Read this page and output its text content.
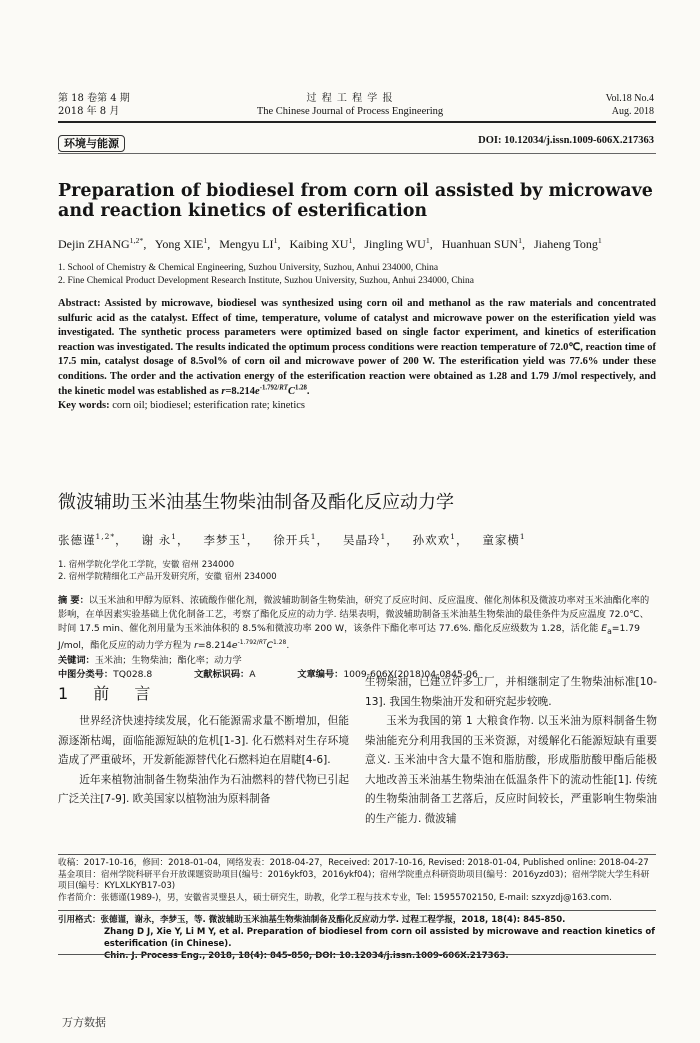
第 18 卷第 4 期
2018 年 8 月
过 程 工 程 学 报
The Chinese Journal of Process Engineering
Vol.18 No.4
Aug. 2018
环境与能源	DOI: 10.12034/j.issn.1009-606X.217363
Preparation of biodiesel from corn oil assisted by microwave and reaction kinetics of esterification
Dejin $ZHANG^{1,2*}$,   Yong XIE$^1$,   Mengyu $LI^1$,   Kaibing $XU^1$,   Jingling $WU^1$,   Huanhuan SUN$^1$,   Jiaheng Tong$^1$
1. School of Chemistry & Chemical Engineering, Suzhou University, Suzhou, Anhui 234000, China
2. Fine Chemical Product Development Research Institute, Suzhou University, Suzhou, Anhui 234000, China
Abstract: Assisted by microwave, biodiesel was synthesized using corn oil and methanol as the raw materials and concentrated sulfuric acid as the catalyst. Effect of time, temperature, volume of catalyst and microwave power on the esterification yield was investigated. The synthetic process parameters were optimized based on single factor experiment, and kinetics of esterification reaction was investigated. The results indicated the optimum process conditions were reaction temperature of 72.0℃, reaction time of 17.5 min, catalyst dosage of 8.5vol% of corn oil and microwave power of 200 W. The esterification yield was 77.6% under these conditions. The order and the activation energy of the esterification reaction were obtained as 1.28 and 1.79 J/mol respectively, and the kinetic model was established as $r=8.214e^{-1.792/RT}C^{1.28}$.
Key words: corn oil; biodiesel; esterification rate; kinetics
微波辅助玉米油基生物柴油制备及酯化反应动力学
张德谨$^{1,2*}$，   谢 永$^1$，   李梦玉$^1$，   徐开兵$^1$，   吴晶玲$^1$，   孙欢欢$^1$，   童家横$^1$
1. 宿州学院化学化工学院，安徽 宿州 234000
2. 宿州学院精细化工产品开发研究所，安徽 宿州 234000
摘 要：以玉米油和甲醇为原料、浓硫酸作催化剂，微波辅助制备生物柴油，研究了反应时间、反应温度、催化剂体积及微波功率对玉米油酯化率的影响，在单因素实验基础上优化制备工艺，考察了酯化反应的动力学. 结果表明，微波辅助制备玉米油基生物柴油的最佳条件为反应温度 72.0℃、时间 17.5 min、催化剂用量为玉米油体积的 8.5%和微波功率 200 W，该条件下酯化率可达 77.6%. 酯化反应级数为 1.28，活化能 $E_a=1.79$ J/mol，酯化反应的动力学方程为 $r=8.214e^{-1.792/RT}C^{1.28}$.
关键词：玉米油；生物柴油；酯化率；动力学
中图分类号：TQ028.8	文献标识码：A	文章编号：1009-606X(2018)04-0845-06
1 前 言

世界经济快速持续发展，化石能源需求量不断增加，但能源逐渐枯竭，面临能源短缺的危机[1-3]. 化石燃料对生存环境造成了严重破坏，开发新能源替代化石燃料迫在眉睫[4-6].

近年来植物油制备生物柴油作为石油燃料的替代物已引起广泛关注[7-9]. 欧美国家以植物油为原料制备

生物柴油，已建立许多工厂，并相继制定了生物柴油标准[10-13]. 我国生物柴油开发和研究起步较晚.

玉米为我国的第 1 大粮食作物. 以玉米油为原料制备生物柴油能充分利用我国的玉米资源，对缓解化石能源短缺有重要意义. 玉米油中含大量不饱和脂肪酸，形成脂肪酸甲酯后能极大地改善玉米油基生物柴油在低温条件下的流动性能[1]. 传统的生物柴油制备工艺落后，反应时间较长，严重影响生物柴油的生产能力. 微波辅

收稿：2017-10-16，修回：2018-01-04，网络发表：2018-04-27，Received: 2017-10-16, Revised: 2018-01-04, Published online: 2018-04-27
基金项目：宿州学院科研平台开放课题资助项目(编号：2016ykf03，2016ykf04)；宿州学院重点科研资助项目(编号：2016yzd03)；宿州学院大学生科研项目(编号：KYLXLKYB17-03)
作者简介：张德谨(1989-)，男，安徽省灵璧县人，硕士研究生，助教，化学工程与技术专业，Tel: 15955702150, E-mail: szxyzdj@163.com.
引用格式：张德谨，谢永，李梦玉，等. 微波辅助玉米油基生物柴油制备及酯化反应动力学. 过程工程学报，2018, 18(4): 845-850.
Zhang D J, Xie Y, Li M Y, et al. Preparation of biodiesel from corn oil assisted by microwave and reaction kinetics of esterification (in Chinese).
Chin. J. Process Eng., 2018, 18(4): 845-850, DOI: 10.12034/j.issn.1009-606X.217363.
万方数据
